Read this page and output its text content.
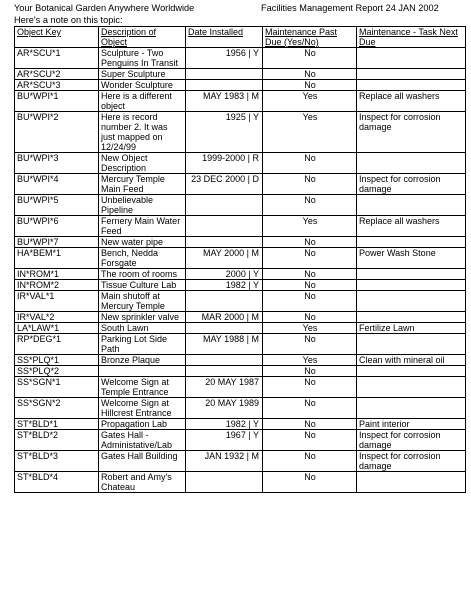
Your Botanical Garden Anywhere Worldwide	Facilities Management Report 24 JAN 2002
Here's a note on this topic:
Object Key	Description of Object	Date Installed	Maintenance Past Due (Yes/No)	Maintenance - Task Next Due
AR*SCU*1	Sculpture - Two Penguins In Transit	1956 | Y	No	
AR*SCU*2	Super Sculpture		No	
AR*SCU*3	Wonder Sculpture		No	
BU*WPI*1	Here is a different object	MAY 1983 | M	Yes	Replace all washers
BU*WPI*2	Here is record number 2. It was just mapped on 12/24/99	1925 | Y	Yes	Inspect for corrosion damage
BU*WPI*3	New Object Description	1999-2000 | R	No	
BU*WPI*4	Mercury Temple Main Feed	23 DEC 2000 | D	No	Inspect for corrosion damage
BU*WPI*5	Unbelievable Pipeline		No	
BU*WPI*6	Fernery Main Water Feed		Yes	Replace all washers
BU*WPI*7	New water pipe		No	
HA*BEM*1	Bench, Nedda Forsgate	MAY 2000 | M	No	Power Wash Stone
IN*ROM*1	The room of rooms	2000 | Y	No	
IN*ROM*2	Tissue Culture Lab	1982 | Y	No	
IR*VAL*1	Main shutoff at Mercury Temple		No	
IR*VAL*2	New sprinkler valve	MAR 2000 | M	No	
LA*LAW*1	South Lawn		Yes	Fertilize Lawn
RP*DEG*1	Parking Lot Side Path	MAY 1988 | M	No	
SS*PLQ*1	Bronze Plaque		Yes	Clean with mineral oil
SS*PLQ*2			No	
SS*SGN*1	Welcome Sign at Temple Entrance	20 MAY 1987	No	
SS*SGN*2	Welcome Sign at Hillcrest Entrance	20 MAY 1989	No	
ST*BLD*1	Propagation Lab	1982 | Y	No	Paint interior
ST*BLD*2	Gates Hall - Administative/Lab	1967 | Y	No	Inspect for corrosion damage
ST*BLD*3	Gates Hall Building	JAN 1932 | M	No	Inspect for corrosion damage
ST*BLD*4	Robert and Amy's Chateau		No	
